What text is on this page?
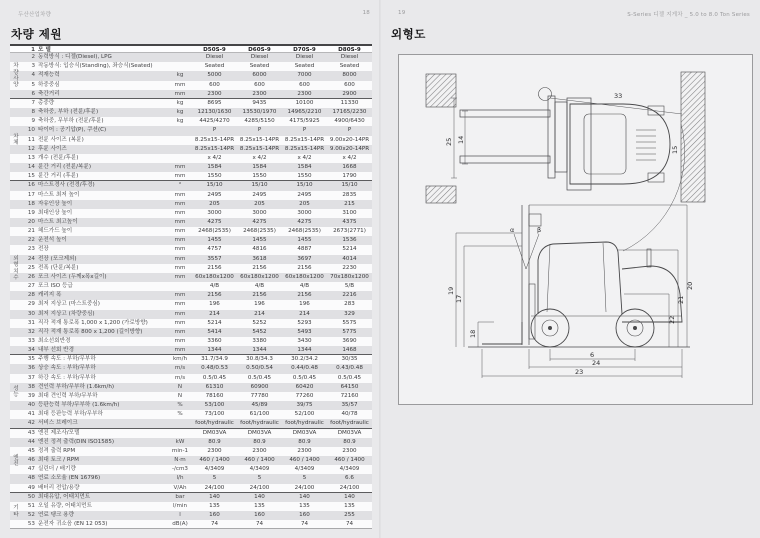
두산산업차량	18
차량 제원
1 모 델	D50S-9	D60S-9	D70S-9	D80S-9
2 동력방식 : 디젤(Diesel), LPG	Diesel	Diesel	Diesel	Diesel
3 작동방식: 입승식(Standing), 좌승식(Seated)	Seated	Seated	Seated	Seated
4 적재능력	kg	5000	6000	7000	8000
5 하중중심	mm	600	600	600	600
6 축간거리	mm	2300	2300	2300	2900
7 총중량	kg	8695	9435	10100	11330
8 축하중, 부하 (전륜/후륜)	kg	12130/1630	13530/1970	14965/2210	17165/2230
9 축하중, 무부하 (전륜/후륜)	kg	4425/4270	4285/5150	4175/5925	4900/6430
10 타이어 : 공기압(P), 쿠션(C)	P	P	P	P
11 전륜 사이즈 (복륜)	8.25x15-14PR	8.25x15-14PR	8.25x15-14PR	9.00x20-14PR
12 후륜 사이즈	8.25x15-14PR	8.25x15-14PR	8.25x15-14PR	9.00x20-14PR
13 개수 (전륜/후륜)	x 4/2	x 4/2	x 4/2	x 4/2
14 륜간 거리 (전륜/복륜)	mm	1584	1584	1584	1668
15 륜간 거리 (후륜)	mm	1550	1550	1550	1790
16 마스트경사 (전경/후경)	°	15/10	15/10	15/10	15/10
17 마스트 최저 높이	mm	2495	2495	2495	2835
18 자유인상 높이	mm	205	205	205	215
19 최대인상 높이	mm	3000	3000	3000	3100
20 마스트 최고높이	mm	4275	4275	4275	4375
21 헤드가드 높이	mm	2468(2535)	2468(2535)	2468(2535)	2673(2771)
22 운전석 높이	mm	1455	1455	1455	1536
23 전장	mm	4757	4816	4887	5214
24 전장 (포크제외)	mm	3557	3618	3697	4014
25 전폭 (단륜/복륜)	mm	2156	2156	2156	2230
26 포크 사이즈 (두께x폭x길이)	mm	60x180x1200	60x180x1200	60x180x1200	70x180x1200
27 포크 ISO 등급	4/B	4/B	4/B	5/B
28 캐리지 폭	mm	2156	2156	2156	2216
29 최저 지상고 (마스트중심)	mm	196	196	196	283
30 최저 지상고 (차량중심)	mm	214	214	214	329
31 직각 적재 통로폭 1,000 x 1,200 (가로방향)	mm	5214	5252	5293	5575
32 직각 적재 통로폭 800 x 1,200 (길이방향)	mm	5414	5452	5493	5775
33 최소선회반경	mm	3360	3380	3430	3690
34 내부 선회 반경	mm	1344	1344	1344	1468
35 주행 속도 : 부하/무부하	km/h	31.7/34.9	30.8/34.3	30.2/34.2	30/35
36 상승 속도 : 부하/무부하	m/s	0.48/0.53	0.50/0.54	0.44/0.48	0.43/0.48
37 하강 속도 : 부하/무부하	m/s	0.5/0.45	0.5/0.45	0.5/0.45	0.5/0.45
38 견인력 부하/무부하 (1.6km/h)	N	61310	60900	60420	64150
39 최대 견인력 부하/무부하	N	78160	77780	77260	72160
40 등판능력 부하/무부하 (1.6km/h)	%	53/100	45/89	39/75	35/57
41 최대 등판능력 부하/무부하	%	73/100	61/100	52/100	40/78
42 서비스 브레이크	foot/hydraulic	foot/hydraulic	foot/hydraulic	foot/hydraulic
43 엔진 제조사/모델	DM03VA	DM03VA	DM03VA	DM03VA
44 엔진 정격 출력(DIN ISO1585)	kW	80.9	80.9	80.9	80.9
45 정격 출력 RPM	min-1	2300	2300	2300	2300
46 최대 토크 / RPM	N·m	460 / 1400	460 / 1400	460 / 1400	460 / 1400
47 실린더 / 배기량	-/cm3	4/3409	4/3409	4/3409	4/3409
48 연료 소모율 (EN 16796)	l/h	5	5	5	6.6
49 배터리 전압/용량	V/Ah	24/100	24/100	24/100	24/100
50 최대유압, 어태치먼트	bar	140	140	140	140
51 오일 유량, 어태치먼트	l/min	135	135	135	135
52 연료 탱크 용량	l	160	160	160	255
53 운전자 귀소음 (EN 12 053)	dB(A)	74	74	74	74
차
량
사
양
차
체
외
형
치
수
성
능
엔
진
기
타
19	S-Series 디젤 지게차 _ 5.0 to 8.0 Ton Series
외형도
33
25 14
15
19
17
18
20
21
22
6
24
23
α	β
